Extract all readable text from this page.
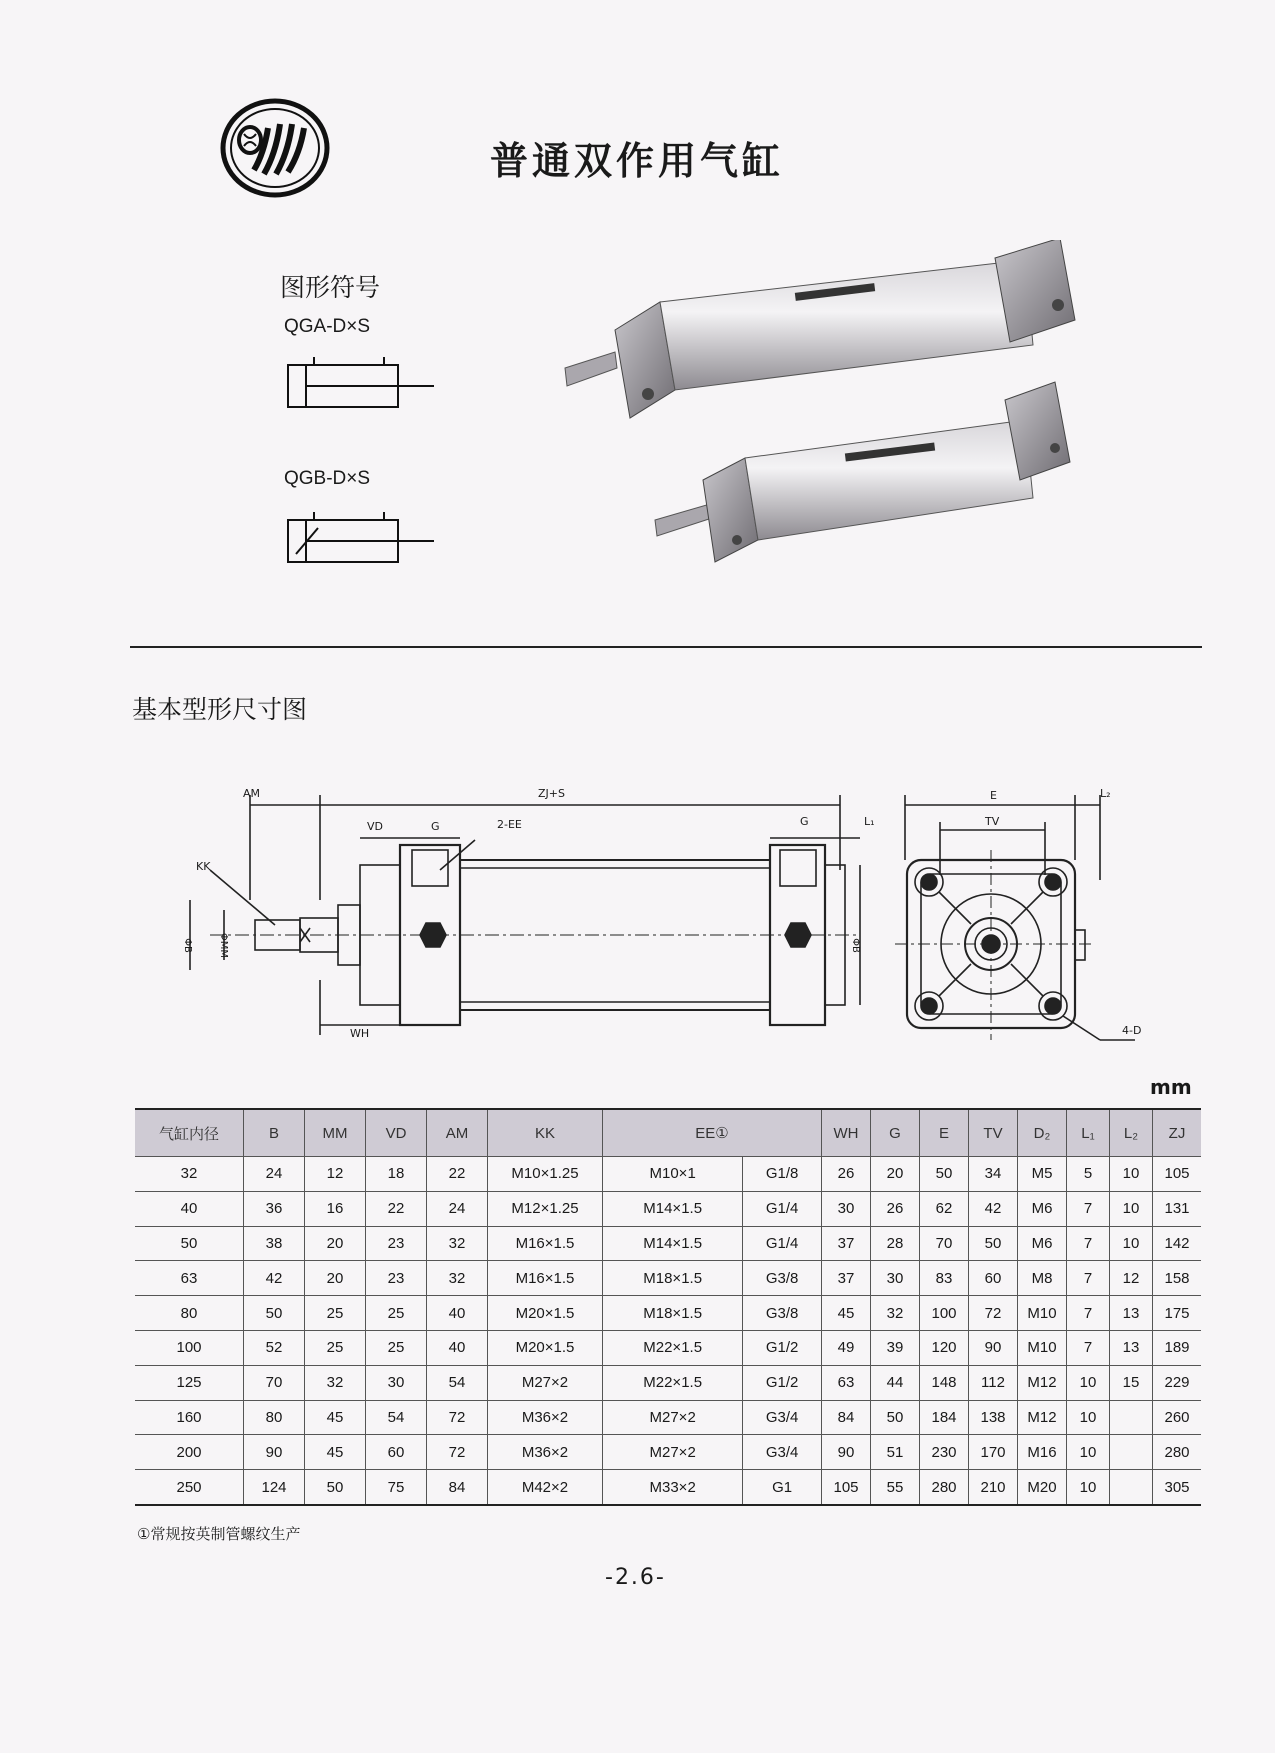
普通双作用气缸
图形符号
QGA-D×S
QGB-D×S
基本型形尺寸图
AM	ZJ+S
VD	G	2-EE	G	L₁
KK
ΦB	ΦMM	ΦB
WH
E	L₂
TV
4-D
mm
气缸内径	B	MM	VD	AM	KK	EE①		WH	G	E	TV	D₂	L₁	L₂	ZJ
32	24	12	18	22	M10×1.25	M10×1	G1/8	26	20	50	34	M5	5	10	105
40	36	16	22	24	M12×1.25	M14×1.5	G1/4	30	26	62	42	M6	7	10	131
50	38	20	23	32	M16×1.5	M14×1.5	G1/4	37	28	70	50	M6	7	10	142
63	42	20	23	32	M16×1.5	M18×1.5	G3/8	37	30	83	60	M8	7	12	158
80	50	25	25	40	M20×1.5	M18×1.5	G3/8	45	32	100	72	M10	7	13	175
100	52	25	25	40	M20×1.5	M22×1.5	G1/2	49	39	120	90	M10	7	13	189
125	70	32	30	54	M27×2	M22×1.5	G1/2	63	44	148	112	M12	10	15	229
160	80	45	54	72	M36×2	M27×2	G3/4	84	50	184	138	M12	10		260
200	90	45	60	72	M36×2	M27×2	G3/4	90	51	230	170	M16	10		280
250	124	50	75	84	M42×2	M33×2	G1	105	55	280	210	M20	10		305
①常规按英制管螺纹生产
-2.6-
